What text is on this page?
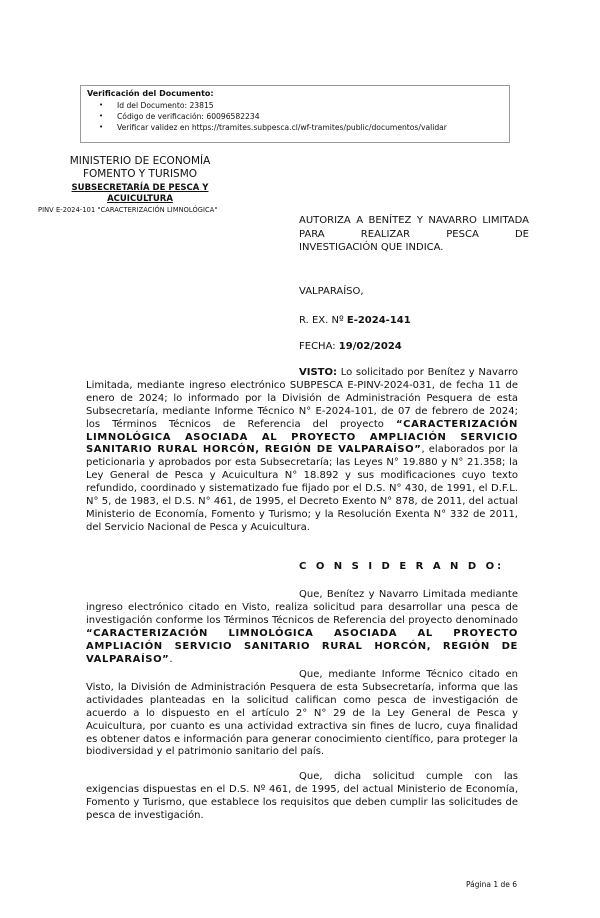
Verificación del Documento:
• Id del Documento: 23815
• Código de verificación: 60096582234
• Verificar validez en https://tramites.subpesca.cl/wf-tramites/public/documentos/validar
MINISTERIO DE ECONOMÍA
FOMENTO Y TURISMO
SUBSECRETARÍA DE PESCA Y
ACUICULTURA
PINV E-2024-101 "CARACTERIZACIÓN LIMNOLÓGICA"
AUTORIZA A BENÍTEZ Y NAVARRO LIMITADA PARA REALIZAR PESCA DE
INVESTIGACIÓN QUE INDICA.
VALPARAÍSO,
R. EX. Nº E-2024-141
FECHA: 19/02/2024
VISTO: Lo solicitado por Benítez y Navarro Limitada, mediante ingreso electrónico SUBPESCA E-PINV-2024-031, de fecha 11 de enero de 2024; lo informado por la División de Administración Pesquera de esta Subsecretaría, mediante Informe Técnico N° E-2024-101, de 07 de febrero de 2024; los Términos Técnicos de Referencia del proyecto “CARACTERIZACIÓN LIMNOLÓGICA ASOCIADA AL PROYECTO AMPLIACIÓN SERVICIO SANITARIO RURAL HORCÓN, REGIÓN DE VALPARAÍSO”, elaborados por la peticionaria y aprobados por esta Subsecretaría; las Leyes N° 19.880 y N° 21.358; la Ley General de Pesca y Acuicultura N° 18.892 y sus modificaciones cuyo texto refundido, coordinado y sistematizado fue fijado por el D.S. N° 430, de 1991, el D.F.L. N° 5, de 1983, el D.S. N° 461, de 1995, el Decreto Exento N° 878, de 2011, del actual Ministerio de Economía, Fomento y Turismo; y la Resolución Exenta N° 332 de 2011, del Servicio Nacional de Pesca y Acuicultura.
C O N S I D E R A N D O:
Que, Benítez y Navarro Limitada mediante ingreso electrónico citado en Visto, realiza solicitud para desarrollar una pesca de investigación conforme los Términos Técnicos de Referencia del proyecto denominado “CARACTERIZACIÓN LIMNOLÓGICA ASOCIADA AL PROYECTO AMPLIACIÓN SERVICIO SANITARIO RURAL HORCÓN, REGIÓN DE VALPARAÍSO”.
Que, mediante Informe Técnico citado en Visto, la División de Administración Pesquera de esta Subsecretaría, informa que las actividades planteadas en la solicitud califican como pesca de investigación de acuerdo a lo dispuesto en el artículo 2° N° 29 de la Ley General de Pesca y Acuicultura, por cuanto es una actividad extractiva sin fines de lucro, cuya finalidad es obtener datos e información para generar conocimiento científico, para proteger la biodiversidad y el patrimonio sanitario del país.
Que, dicha solicitud cumple con las exigencias dispuestas en el D.S. Nº 461, de 1995, del actual Ministerio de Economía, Fomento y Turismo, que establece los requisitos que deben cumplir las solicitudes de pesca de investigación.
Página 1 de 6
